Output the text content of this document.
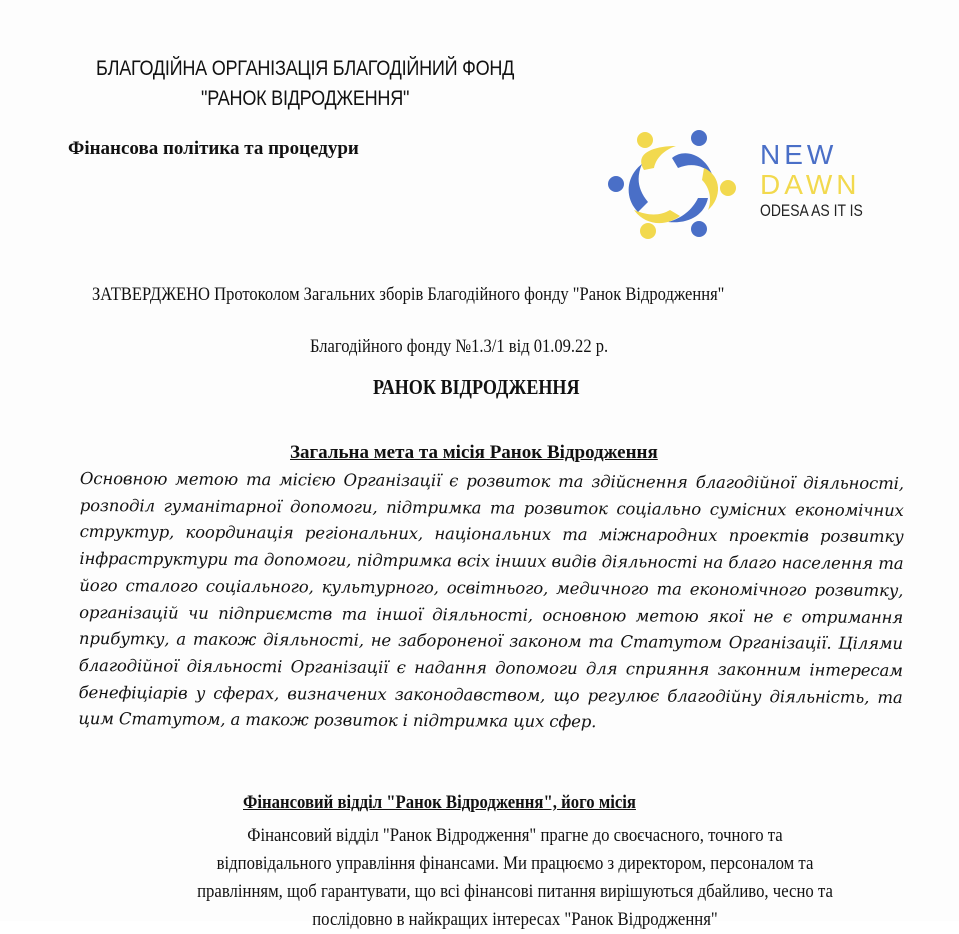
БЛАГОДІЙНА ОРГАНІЗАЦІЯ БЛАГОДІЙНИЙ ФОНД
"РАНОК ВІДРОДЖЕННЯ"
Фінансова політика та процедури	NEW
DAWN
ODESA AS IT IS
ЗАТВЕРДЖЕНО Протоколом Загальних зборів Благодійного фонду "Ранок Відродження"
Благодійного фонду №1.3/1 від 01.09.22 р.
РАНОК ВІДРОДЖЕННЯ
Загальна мета та місія Ранок Відродження
Основною метою та місією Організації є розвиток та здійснення благодійної діяльності, розподіл гуманітарної допомоги, підтримка та розвиток соціально сумісних економічних структур, координація регіональних, національних та міжнародних проектів розвитку інфраструктури та допомоги, підтримка всіх інших видів діяльності на благо населення та його сталого соціального, культурного, освітнього, медичного та економічного розвитку, організацій чи підприємств та іншої діяльності, основною метою якої не є отримання прибутку, а також діяльності, не забороненої законом та Статутом Організації. Цілями благодійної діяльності Організації є надання допомоги для сприяння законним інтересам бенефіціарів у сферах, визначених законодавством, що регулює благодійну діяльність, та цим Статутом, а також розвиток і підтримка цих сфер.
Фінансовий відділ "Ранок Відродження", його місія
Фінансовий відділ "Ранок Відродження" прагне до своєчасного, точного та
відповідального управління фінансами. Ми працюємо з директором, персоналом та
правлінням, щоб гарантувати, що всі фінансові питання вирішуються дбайливо, чесно та
послідовно в найкращих інтересах "Ранок Відродження"
